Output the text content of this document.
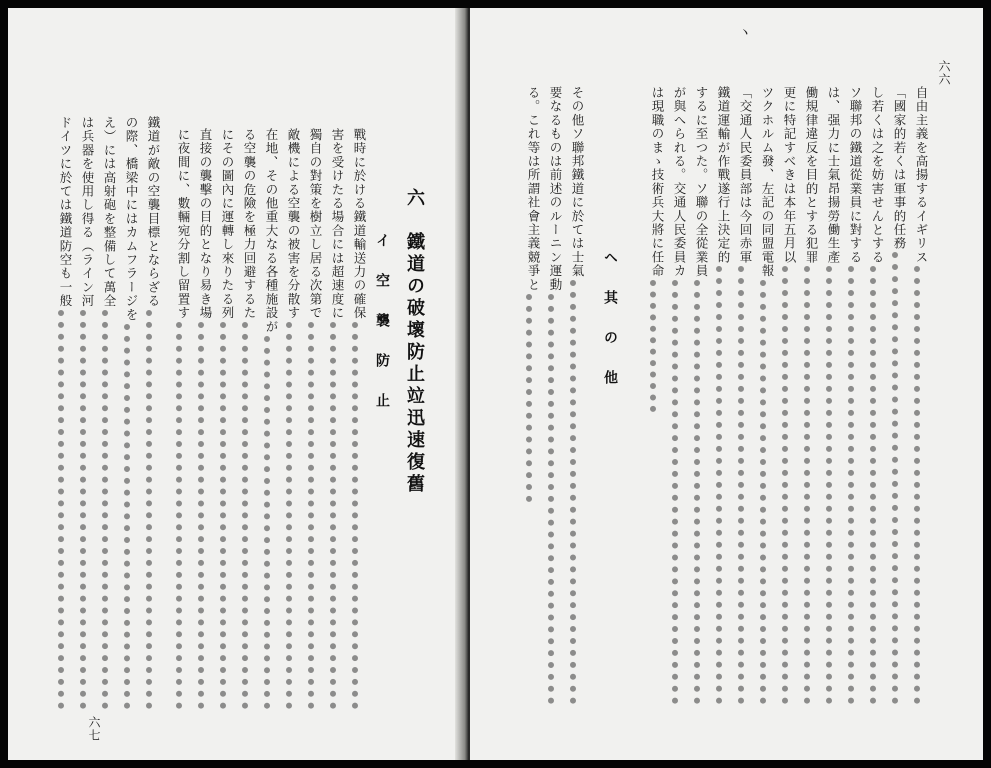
六　鐵道の破壞防止竝迅速復舊
イ　空　襲　防　止
戰時に於ける鐵道輸送力の確保
害を受けたる場合には超速度に
獨自の對策を樹立し居る次第で
敵機による空襲の被害を分散す
在地、その他重大なる各種施設が
る空襲の危險を極力回避するた
にその圖內に運轉し來りたる列
直接の襲擊の目的となり易き場
に夜間に、數輛宛分割し留置す
鐵道が敵の空襲目標とならざる
の際、橋梁中にはカムフラージを
え）には高射砲を整備して萬全
は兵器を使用し得る（ライン河
ドイツに於ては鐵道防空も一般
六七
六六
ヽ
自由主義を高揚するイギリス
「國家的若くは軍事的任務
し若くは之を妨害せんとする
ソ聯邦の鐵道從業員に對する
は、强力に士氣昂揚勞働生產
働規律違反を目的とする犯罪
更に特記すべきは本年五月以
ツクホルム發、左記の同盟電報
「交通人民委員部は今回赤軍
鐵道運輸が作戰遂行上決定的
するに至つた。ソ聯の全從業員
が與へられる。交通人民委員カ
は現職のまゝ技術兵大將に任命
ヘ　其　の　他
その他ソ聯邦鐵道に於ては士氣
要なるものは前述のルーニン運動
る。これ等は所謂社會主義競爭と
